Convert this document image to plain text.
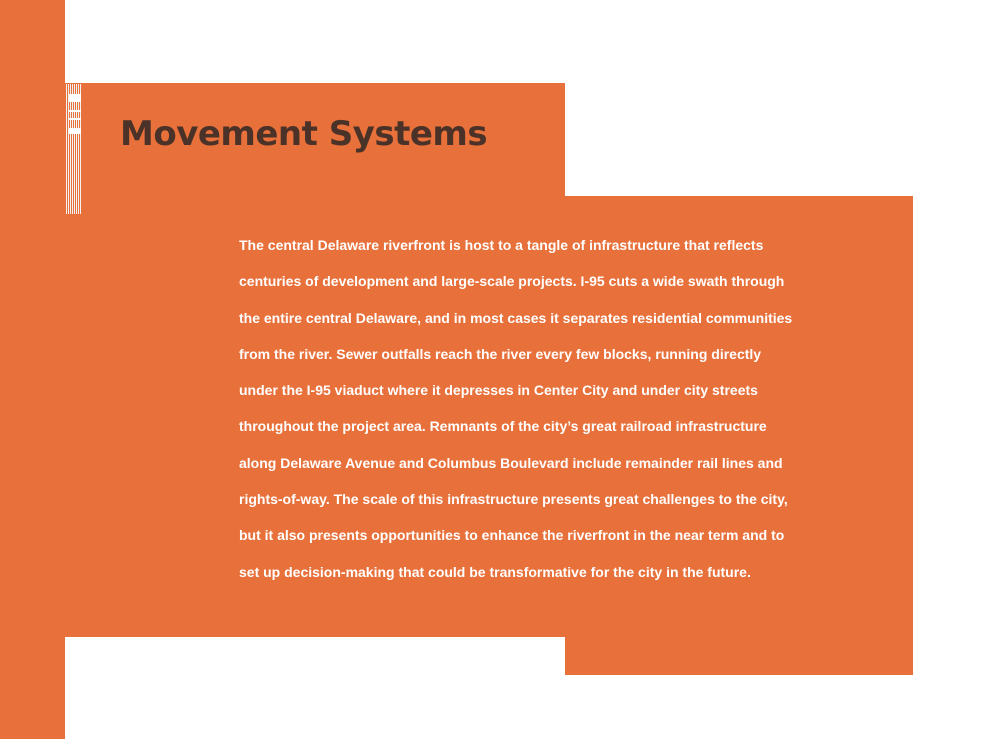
Movement Systems

The central Delaware riverfront is host to a tangle of infrastructure that reflects
centuries of development and large-scale projects. I-95 cuts a wide swath through
the entire central Delaware, and in most cases it separates residential communities
from the river. Sewer outfalls reach the river every few blocks, running directly
under the I-95 viaduct where it depresses in Center City and under city streets
throughout the project area. Remnants of the city’s great railroad infrastructure
along Delaware Avenue and Columbus Boulevard include remainder rail lines and
rights-of-way. The scale of this infrastructure presents great challenges to the city,
but it also presents opportunities to enhance the riverfront in the near term and to
set up decision-making that could be transformative for the city in the future.
